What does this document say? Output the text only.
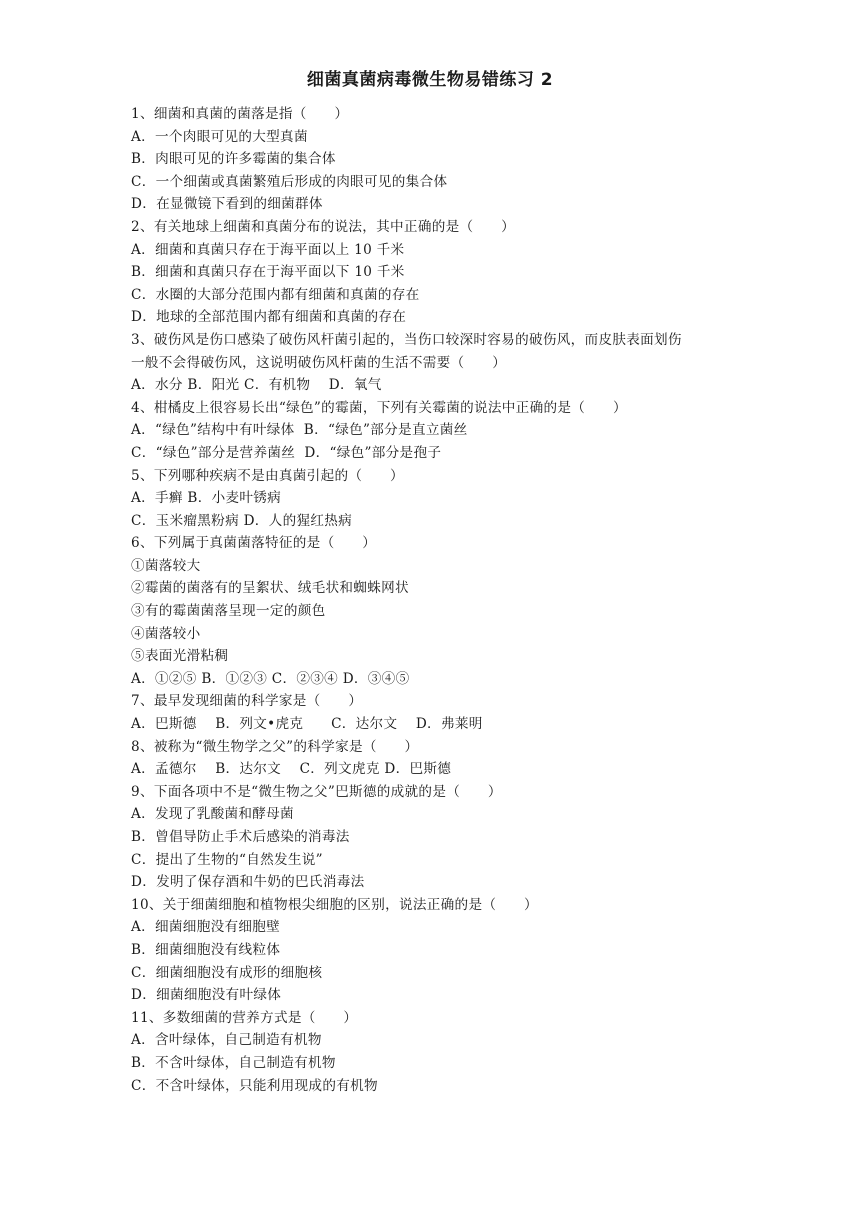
细菌真菌病毒微生物易错练习 2
1、细菌和真菌的菌落是指（　　）
A．一个肉眼可见的大型真菌
B．肉眼可见的许多霉菌的集合体
C．一个细菌或真菌繁殖后形成的肉眼可见的集合体
D．在显微镜下看到的细菌群体
2、有关地球上细菌和真菌分布的说法，其中正确的是（　　）
A．细菌和真菌只存在于海平面以上 10 千米
B．细菌和真菌只存在于海平面以下 10 千米
C．水圈的大部分范围内都有细菌和真菌的存在
D．地球的全部范围内都有细菌和真菌的存在
3、破伤风是伤口感染了破伤风杆菌引起的，当伤口较深时容易的破伤风，而皮肤表面划伤
一般不会得破伤风，这说明破伤风杆菌的生活不需要（　　）
A．水分 B．阳光 C．有机物　 D．氧气
4、柑橘皮上很容易长出“绿色”的霉菌，下列有关霉菌的说法中正确的是（　　）
A．“绿色”结构中有叶绿体  B．“绿色”部分是直立菌丝
C．“绿色”部分是营养菌丝  D．“绿色”部分是孢子
5、下列哪种疾病不是由真菌引起的（　　）
A．手癣 B．小麦叶锈病
C．玉米瘤黑粉病 D．人的猩红热病
6、下列属于真菌菌落特征的是（　　）
①菌落较大
②霉菌的菌落有的呈絮状、绒毛状和蜘蛛网状
③有的霉菌菌落呈现一定的颜色
④菌落较小
⑤表面光滑粘稠
A．①②⑤ B．①②③ C．②③④ D．③④⑤
7、最早发现细菌的科学家是（　　）
A．巴斯德　 B．列文•虎克　　C．达尔文　 D．弗莱明
8、被称为“微生物学之父”的科学家是（　　）
A．孟德尔　 B．达尔文　 C．列文虎克 D．巴斯德
9、下面各项中不是“微生物之父”巴斯德的成就的是（　　）
A．发现了乳酸菌和酵母菌
B．曾倡导防止手术后感染的消毒法
C．提出了生物的“自然发生说”
D．发明了保存酒和牛奶的巴氏消毒法
10、关于细菌细胞和植物根尖细胞的区别，说法正确的是（　　）
A．细菌细胞没有细胞壁
B．细菌细胞没有线粒体
C．细菌细胞没有成形的细胞核
D．细菌细胞没有叶绿体
11、多数细菌的营养方式是（　　）
A．含叶绿体，自己制造有机物
B．不含叶绿体，自己制造有机物
C．不含叶绿体，只能利用现成的有机物
